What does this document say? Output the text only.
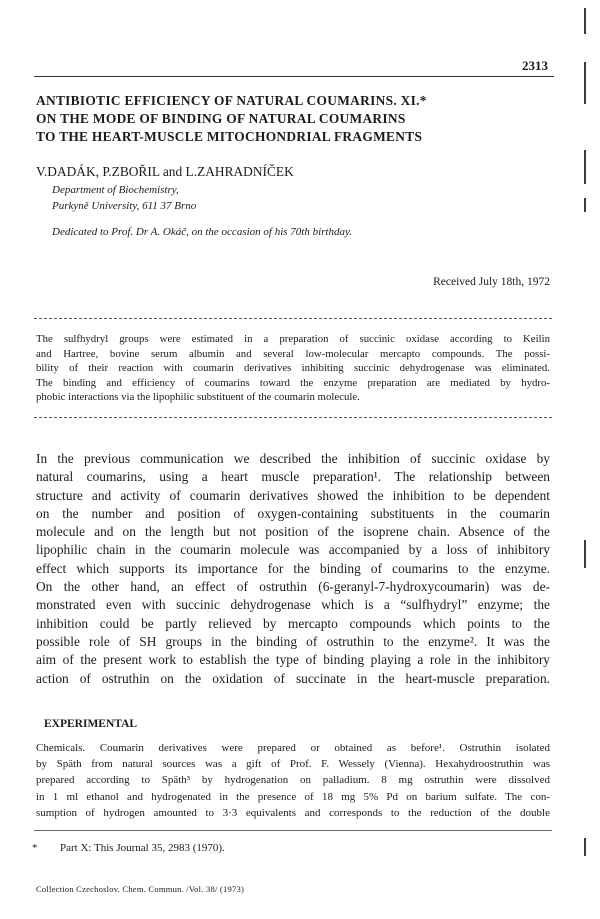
2313
ANTIBIOTIC EFFICIENCY OF NATURAL COUMARINS. XI.*
ON THE MODE OF BINDING OF NATURAL COUMARINS
TO THE HEART-MUSCLE MITOCHONDRIAL FRAGMENTS
V.DADÁK, P.ZBOŘIL and L.ZAHRADNÍČEK
Department of Biochemistry,
Purkyně University, 611 37 Brno
Dedicated to Prof. Dr A. Okáč, on the occasion of his 70th birthday.
Received July 18th, 1972
The sulfhydryl groups were estimated in a preparation of succinic oxidase according to Keilin
and Hartree, bovine serum albumin and several low-molecular mercapto compounds. The possi-
bility of their reaction with coumarin derivatives inhibiting succinic dehydrogenase was eliminated.
The binding and efficiency of coumarins toward the enzyme preparation are mediated by hydro-
phobic interactions via the lipophilic substituent of the coumarin molecule.
In the previous communication we described the inhibition of succinic oxidase by
natural coumarins, using a heart muscle preparation¹. The relationship between
structure and activity of coumarin derivatives showed the inhibition to be dependent
on the number and position of oxygen-containing substituents in the coumarin
molecule and on the length but not position of the isoprene chain. Absence of the
lipophilic chain in the coumarin molecule was accompanied by a loss of inhibitory
effect which supports its importance for the binding of coumarins to the enzyme.
On the other hand, an effect of ostruthin (6-geranyl-7-hydroxycoumarin) was de-
monstrated even with succinic dehydrogenase which is a “sulfhydryl” enzyme; the
inhibition could be partly relieved by mercapto compounds which points to the
possible role of SH groups in the binding of ostruthin to the enzyme². It was the
aim of the present work to establish the type of binding playing a role in the inhibitory
action of ostruthin on the oxidation of succinate in the heart-muscle preparation.
EXPERIMENTAL
Chemicals. Coumarin derivatives were prepared or obtained as before¹. Ostruthin isolated
by Späth from natural sources was a gift of Prof. F. Wessely (Vienna). Hexahydroostruthin was
prepared according to Späth³ by hydrogenation on palladium. 8 mg ostruthin were dissolved
in 1 ml ethanol and hydrogenated in the presence of 18 mg 5% Pd on barium sulfate. The con-
sumption of hydrogen amounted to 3·3 equivalents and corresponds to the reduction of the double
* Part X: This Journal 35, 2983 (1970).
Collection Czechoslov. Chem. Commun. /Vol. 38/ (1973)
